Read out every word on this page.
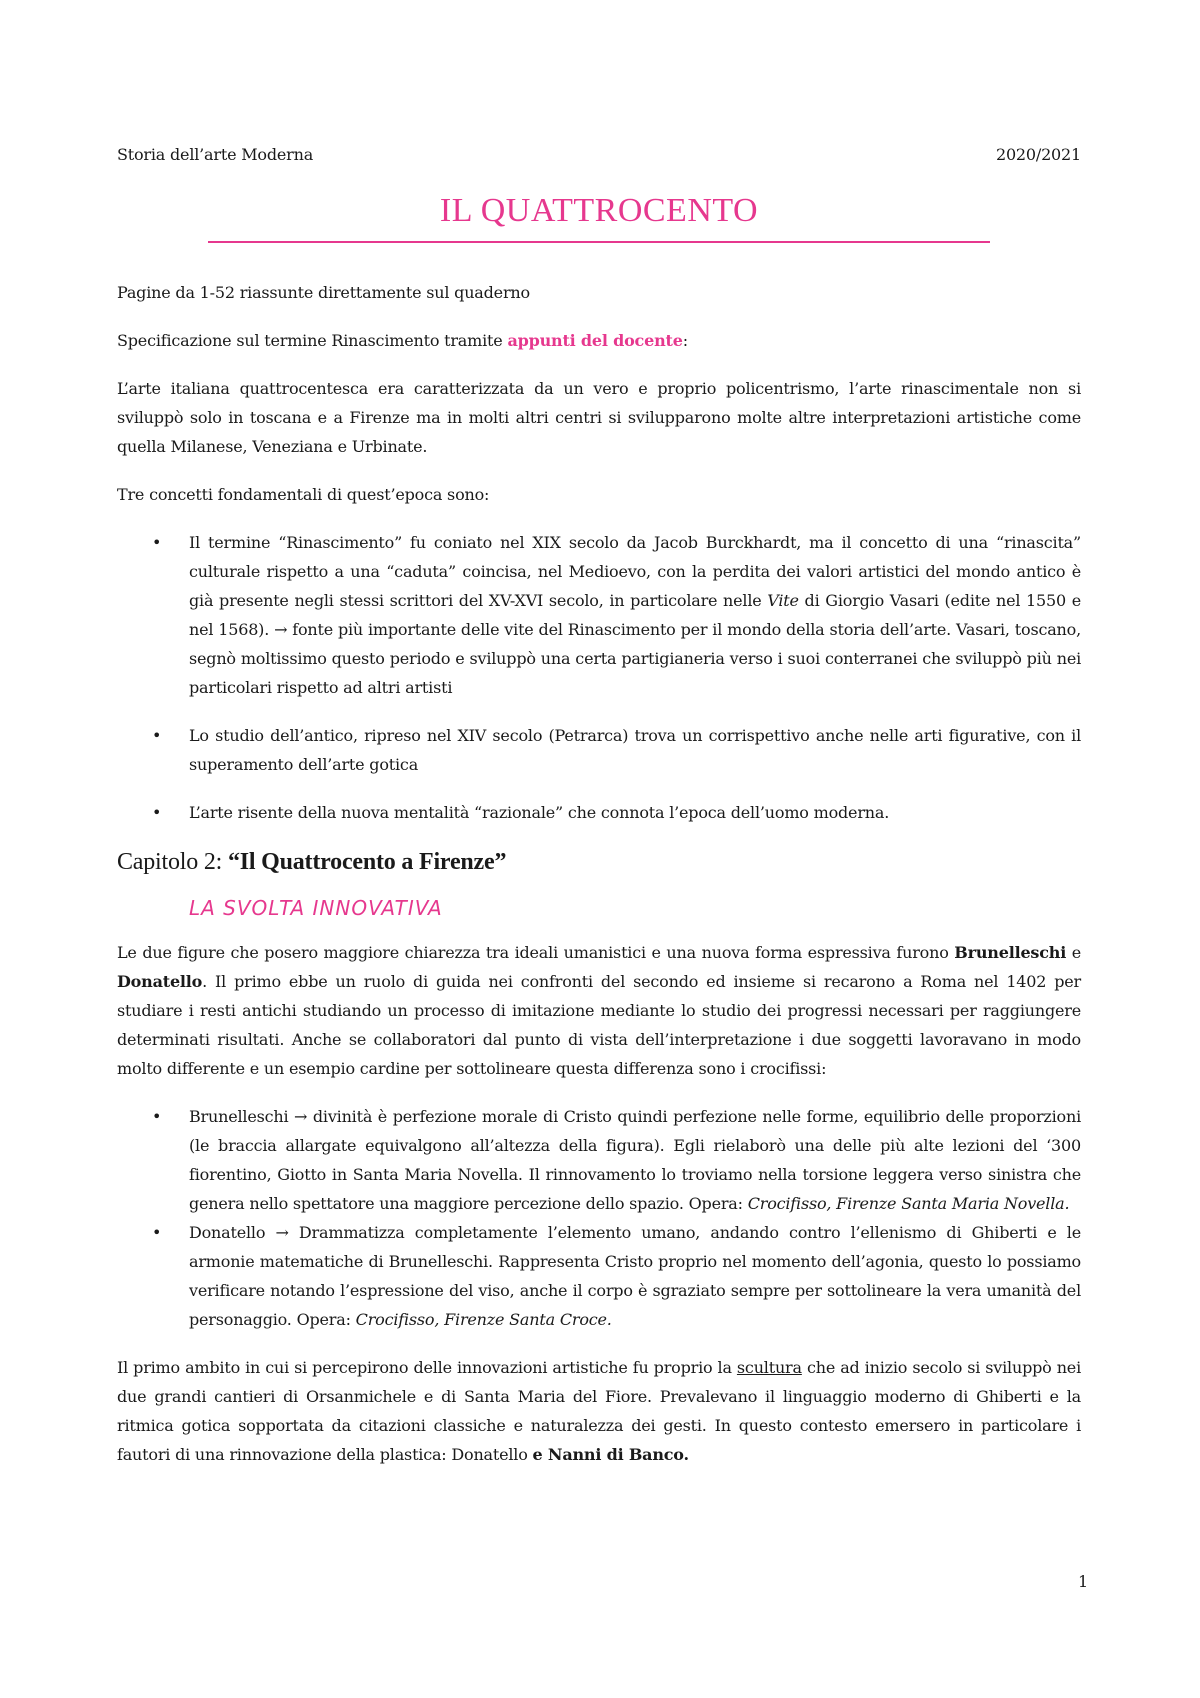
Storia dell’arte Moderna	2020/2021
IL QUATTROCENTO

Pagine da 1-52 riassunte direttamente sul quaderno

Specificazione sul termine Rinascimento tramite appunti del docente:

L’arte italiana quattrocentesca era caratterizzata da un vero e proprio policentrismo, l’arte rinascimentale non si sviluppò solo in toscana e a Firenze ma in molti altri centri si svilupparono molte altre interpretazioni artistiche come quella Milanese, Veneziana e Urbinate.

Tre concetti fondamentali di quest’epoca sono:

• Il termine “Rinascimento” fu coniato nel XIX secolo da Jacob Burckhardt, ma il concetto di una “rinascita” culturale rispetto a una “caduta” coincisa, nel Medioevo, con la perdita dei valori artistici del mondo antico è già presente negli stessi scrittori del XV-XVI secolo, in particolare nelle Vite di Giorgio Vasari (edite nel 1550 e nel 1568). → fonte più importante delle vite del Rinascimento per il mondo della storia dell’arte. Vasari, toscano, segnò moltissimo questo periodo e sviluppò una certa partigianeria verso i suoi conterranei che sviluppò più nei particolari rispetto ad altri artisti
• Lo studio dell’antico, ripreso nel XIV secolo (Petrarca) trova un corrispettivo anche nelle arti figurative, con il superamento dell’arte gotica
• L’arte risente della nuova mentalità “razionale” che connota l’epoca dell’uomo moderna.
Capitolo 2: “Il Quattrocento a Firenze”
LA SVOLTA INNOVATIVA

Le due figure che posero maggiore chiarezza tra ideali umanistici e una nuova forma espressiva furono Brunelleschi e Donatello. Il primo ebbe un ruolo di guida nei confronti del secondo ed insieme si recarono a Roma nel 1402 per studiare i resti antichi studiando un processo di imitazione mediante lo studio dei progressi necessari per raggiungere determinati risultati. Anche se collaboratori dal punto di vista dell’interpretazione i due soggetti lavoravano in modo molto differente e un esempio cardine per sottolineare questa differenza sono i crocifissi:

• Brunelleschi → divinità è perfezione morale di Cristo quindi perfezione nelle forme, equilibrio delle proporzioni (le braccia allargate equivalgono all’altezza della figura). Egli rielaborò una delle più alte lezioni del ‘300 fiorentino, Giotto in Santa Maria Novella. Il rinnovamento lo troviamo nella torsione leggera verso sinistra che genera nello spettatore una maggiore percezione dello spazio. Opera: Crocifisso, Firenze Santa Maria Novella.
• Donatello → Drammatizza completamente l’elemento umano, andando contro l’ellenismo di Ghiberti e le armonie matematiche di Brunelleschi. Rappresenta Cristo proprio nel momento dell’agonia, questo lo possiamo verificare notando l’espressione del viso, anche il corpo è sgraziato sempre per sottolineare la vera umanità del personaggio. Opera: Crocifisso, Firenze Santa Croce.

Il primo ambito in cui si percepirono delle innovazioni artistiche fu proprio la scultura che ad inizio secolo si sviluppò nei due grandi cantieri di Orsanmichele e di Santa Maria del Fiore. Prevalevano il linguaggio moderno di Ghiberti e la ritmica gotica sopportata da citazioni classiche e naturalezza dei gesti. In questo contesto emersero in particolare i fautori di una rinnovazione della plastica: Donatello e Nanni di Banco.

1
